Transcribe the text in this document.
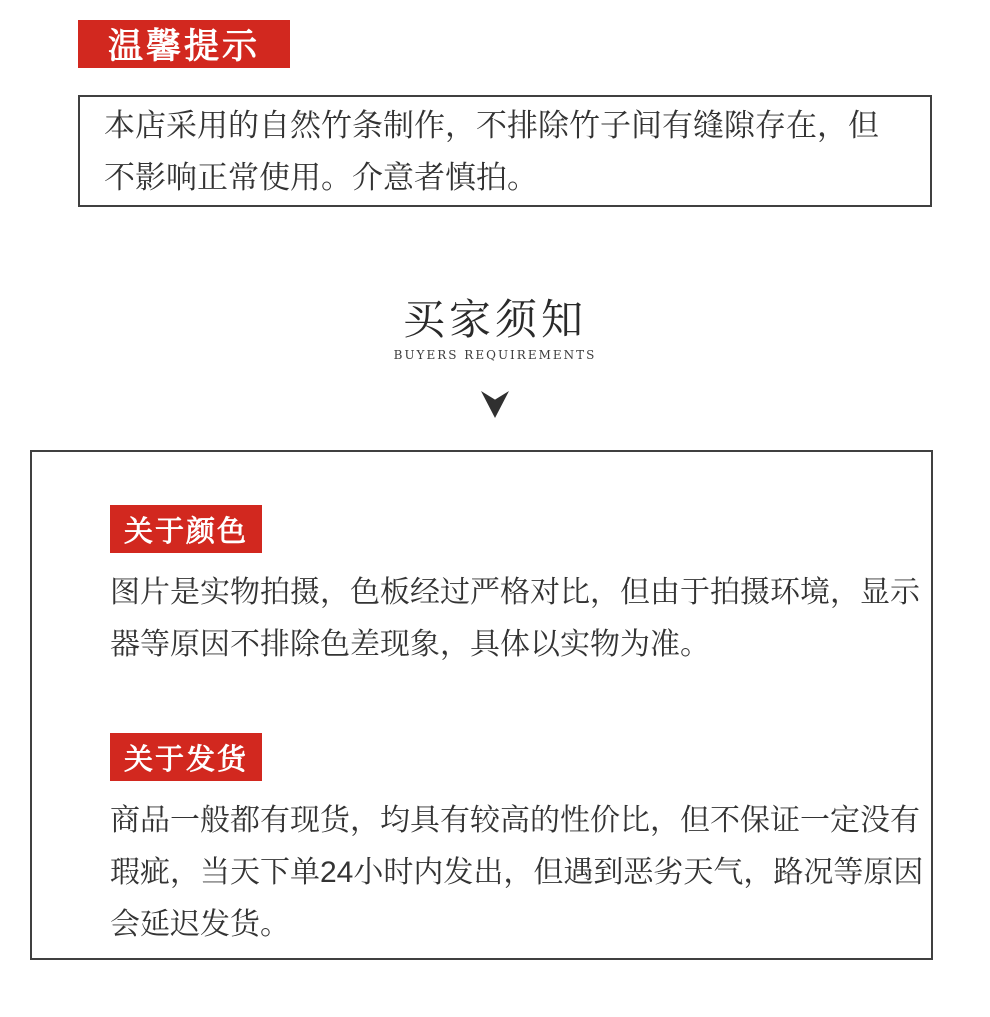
温馨提示
本店采用的自然竹条制作，不排除竹子间有缝隙存在，但
不影响正常使用。介意者慎拍。
买家须知
BUYERS REQUIREMENTS
关于颜色
图片是实物拍摄，色板经过严格对比，但由于拍摄环境，显示
器等原因不排除色差现象，具体以实物为准。
关于发货
商品一般都有现货，均具有较高的性价比，但不保证一定没有
瑕疵，当天下单24小时内发出，但遇到恶劣天气，路况等原因
会延迟发货。
